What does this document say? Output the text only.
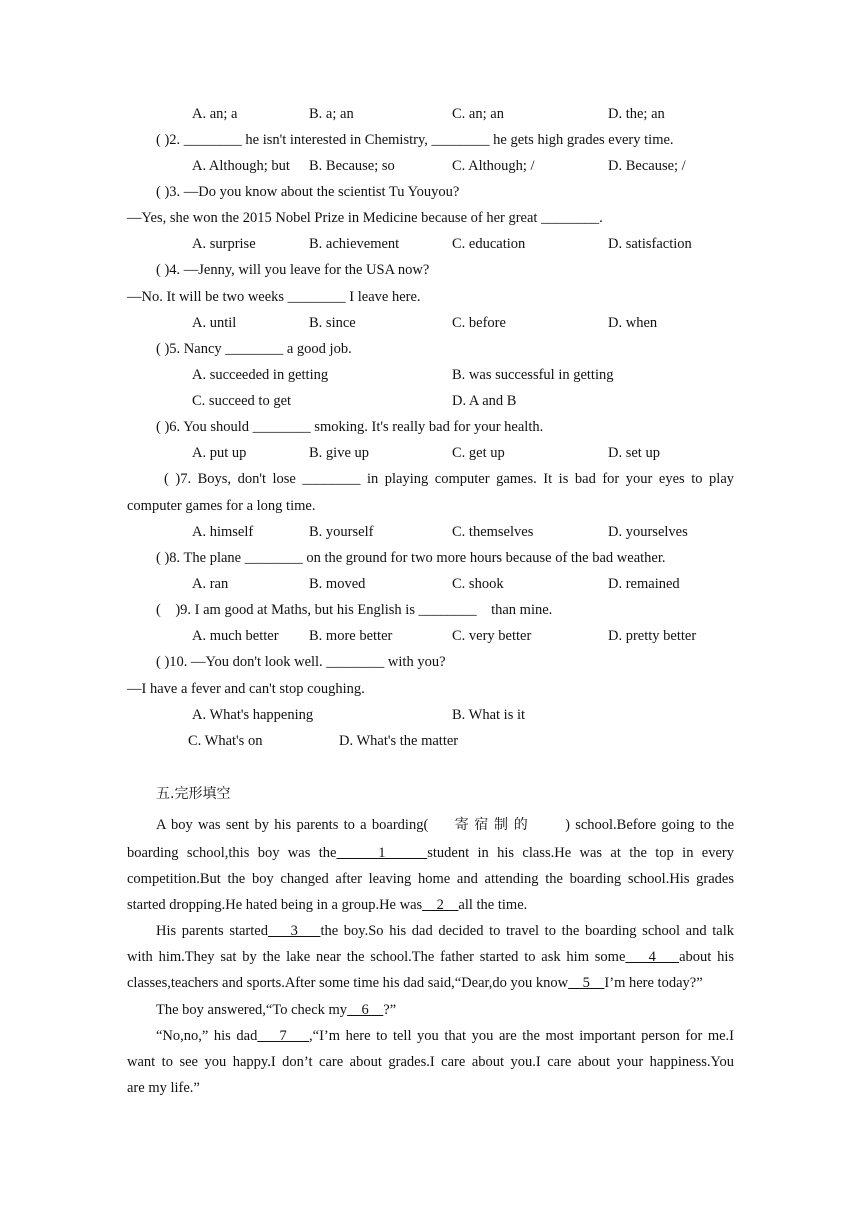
A. an; a	B. a; an	C. an; an	D. the; an
( )2. ________ he isn't interested in Chemistry, ________ he gets high grades every time.
A. Although; but B. Because; so	C. Although; /	D. Because; /
( )3. —Do you know about the scientist Tu Youyou?
—Yes, she won the 2015 Nobel Prize in Medicine because of her great ________.
A. surprise	B. achievement	C. education	D. satisfaction
( )4. —Jenny, will you leave for the USA now?
—No. It will be two weeks ________ I leave here.
A. until	B. since	C. before	D. when
( )5. Nancy ________ a good job.
A. succeeded in getting	B. was successful in getting
C. succeed to get	D. A and B
( )6. You should ________ smoking. It's really bad for your health.
A. put up	B. give up	C. get up	D. set up
( )7. Boys, don't lose ________ in playing computer games. It is bad for your eyes to play
computer games for a long time.
A. himself	B. yourself	C. themselves	D. yourselves
( )8. The plane ________ on the ground for two more hours because of the bad weather.
A. ran	B. moved	C. shook	D. remained
(    )9. I am good at Maths, but his English is ________    than mine.
A. much better B. more better	C. very better	D. pretty better
( )10. —You don't look well. ________ with you?
—I have a fever and can't stop coughing.
A. What's happening	B. What is it
C. What's on	D. What's the matter
五.完形填空
A boy was sent by his parents to a boarding( 寄宿制的 ) school.Before going to the
boarding school,this boy was the     1     student in his class.He was at the top in every
competition.But the boy changed after leaving home and attending the boarding school.His grades
started dropping.He hated being in a group.He was    2    all the time.
His parents started    3    the boy.So his dad decided to travel to the boarding school and talk
with him.They sat by the lake near the school.The father started to ask him some    4    about his
classes,teachers and sports.After some time his dad said,“Dear,do you know    5    I’m here today?”
The boy answered,“To check my    6    ?”
“No,no,” his dad    7    ,“I’m here to tell you that you are the most important person for me.I
want to see you happy.I don’t care about grades.I care about you.I care about your happiness.You
are my life.”
